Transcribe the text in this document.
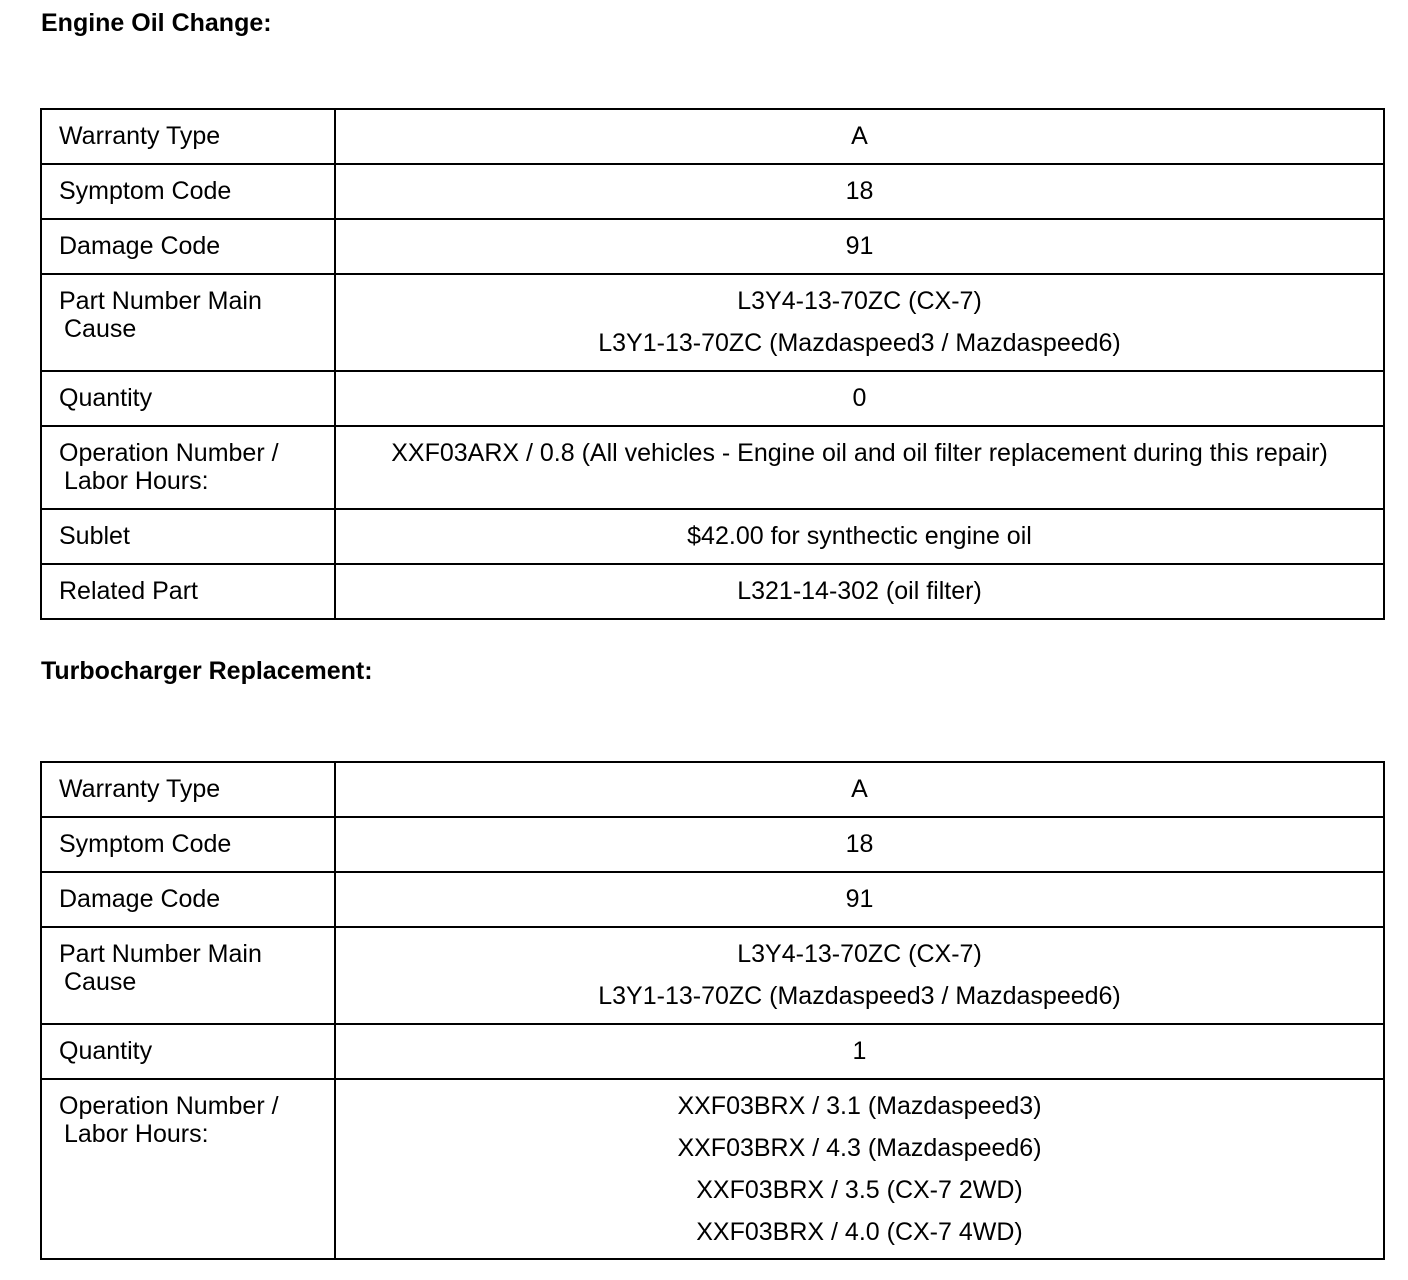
Engine Oil Change:
Warranty Type	A

Symptom Code	18

Damage Code	91

Part Number Main
Cause	L3Y4-13-70ZC (CX-7)
L3Y1-13-70ZC (Mazdaspeed3 / Mazdaspeed6)

Quantity	0

Operation Number /
Labor Hours:	XXF03ARX / 0.8 (All vehicles - Engine oil and oil filter replacement during this repair)

Sublet	$42.00 for synthectic engine oil

Related Part	L321-14-302 (oil filter)
Turbocharger Replacement:
Warranty Type	A

Symptom Code	18

Damage Code	91

Part Number Main
Cause	L3Y4-13-70ZC (CX-7)
L3Y1-13-70ZC (Mazdaspeed3 / Mazdaspeed6)

Quantity	1

Operation Number /
Labor Hours:	XXF03BRX / 3.1 (Mazdaspeed3)
XXF03BRX / 4.3 (Mazdaspeed6)
XXF03BRX / 3.5 (CX-7 2WD)
XXF03BRX / 4.0 (CX-7 4WD)
